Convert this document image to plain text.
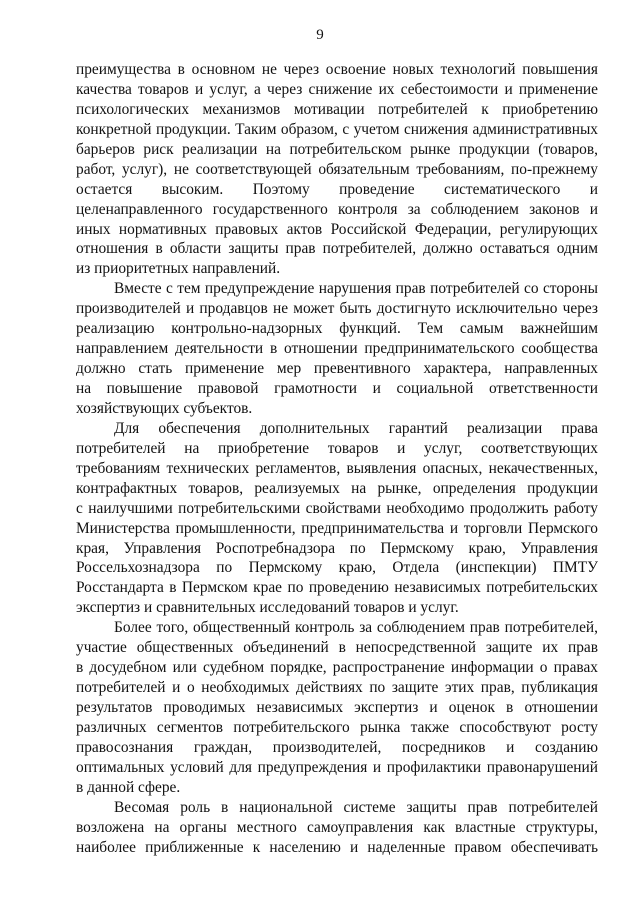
9
преимущества в основном не через освоение новых технологий повышения
качества товаров и услуг, а через снижение их себестоимости и применение
психологических механизмов мотивации потребителей к приобретению
конкретной продукции. Таким образом, с учетом снижения административных
барьеров риск реализации на потребительском рынке продукции (товаров,
работ, услуг), не соответствующей обязательным требованиям, по-прежнему
остается высоким. Поэтому проведение систематического и
целенаправленного государственного контроля за соблюдением законов и
иных нормативных правовых актов Российской Федерации, регулирующих
отношения в области защиты прав потребителей, должно оставаться одним
из приоритетных направлений.
Вместе с тем предупреждение нарушения прав потребителей со стороны
производителей и продавцов не может быть достигнуто исключительно через
реализацию контрольно-надзорных функций. Тем самым важнейшим
направлением деятельности в отношении предпринимательского сообщества
должно стать применение мер превентивного характера, направленных
на повышение правовой грамотности и социальной ответственности
хозяйствующих субъектов.
Для обеспечения дополнительных гарантий реализации права
потребителей на приобретение товаров и услуг, соответствующих
требованиям технических регламентов, выявления опасных, некачественных,
контрафактных товаров, реализуемых на рынке, определения продукции
с наилучшими потребительскими свойствами необходимо продолжить работу
Министерства промышленности, предпринимательства и торговли Пермского
края, Управления Роспотребнадзора по Пермскому краю, Управления
Россельхознадзора по Пермскому краю, Отдела (инспекции) ПМТУ
Росстандарта в Пермском крае по проведению независимых потребительских
экспертиз и сравнительных исследований товаров и услуг.
Более того, общественный контроль за соблюдением прав потребителей,
участие общественных объединений в непосредственной защите их прав
в досудебном или судебном порядке, распространение информации о правах
потребителей и о необходимых действиях по защите этих прав, публикация
результатов проводимых независимых экспертиз и оценок в отношении
различных сегментов потребительского рынка также способствуют росту
правосознания граждан, производителей, посредников и созданию
оптимальных условий для предупреждения и профилактики правонарушений
в данной сфере.
Весомая роль в национальной системе защиты прав потребителей
возложена на органы местного самоуправления как властные структуры,
наиболее приближенные к населению и наделенные правом обеспечивать
